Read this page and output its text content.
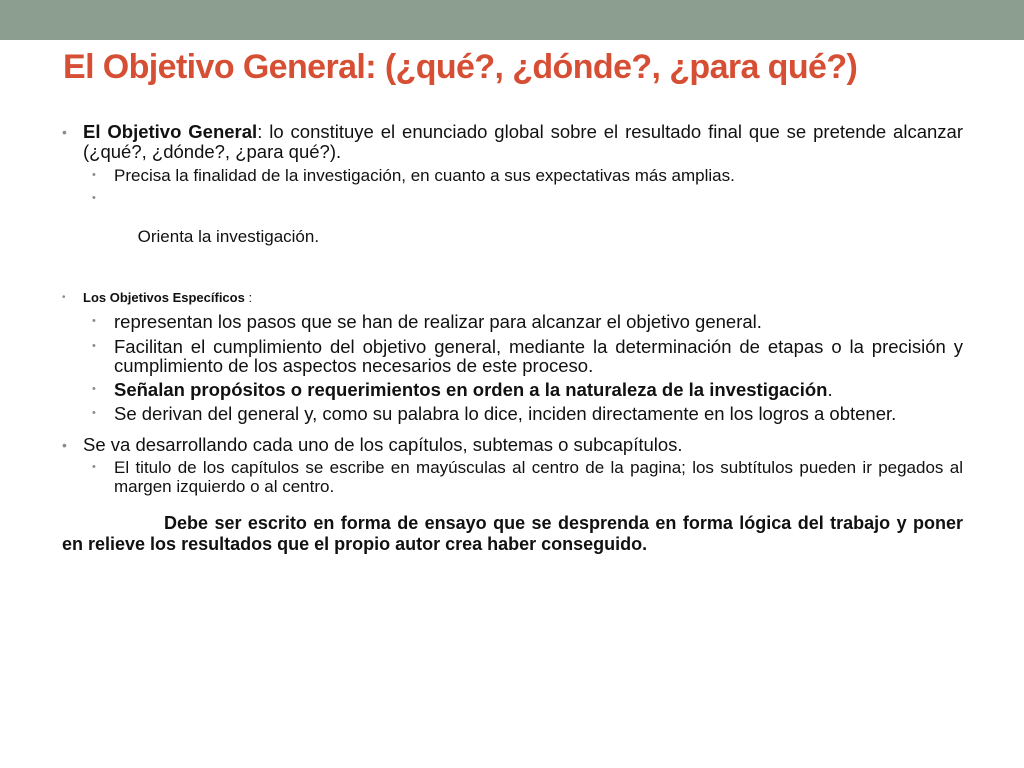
El Objetivo General: (¿qué?, ¿dónde?, ¿para qué?)
• El Objetivo General: lo constituye el enunciado global sobre el resultado final que se pretende alcanzar (¿qué?, ¿dónde?, ¿para qué?).
• Precisa la finalidad de la investigación, en cuanto a sus expectativas más amplias.

•

Orienta la investigación.

• Los Objetivos Específicos :
• representan los pasos que se han de realizar para alcanzar el objetivo general.
• Facilitan el cumplimiento del objetivo general, mediante la determinación de etapas o la precisión y cumplimiento de los aspectos necesarios de este proceso.
• Señalan propósitos o requerimientos en orden a la naturaleza de la investigación.
• Se derivan del general y, como su palabra lo dice, inciden directamente en los logros a obtener.
• Se va desarrollando cada uno de los capítulos, subtemas o subcapítulos.
• El titulo de los capítulos se escribe en mayúsculas al centro de la pagina; los subtítulos pueden ir pegados al margen izquierdo o al centro.

Debe ser escrito en forma de ensayo que se desprenda en forma lógica del trabajo y poner en relieve los resultados que el propio autor crea haber conseguido.
